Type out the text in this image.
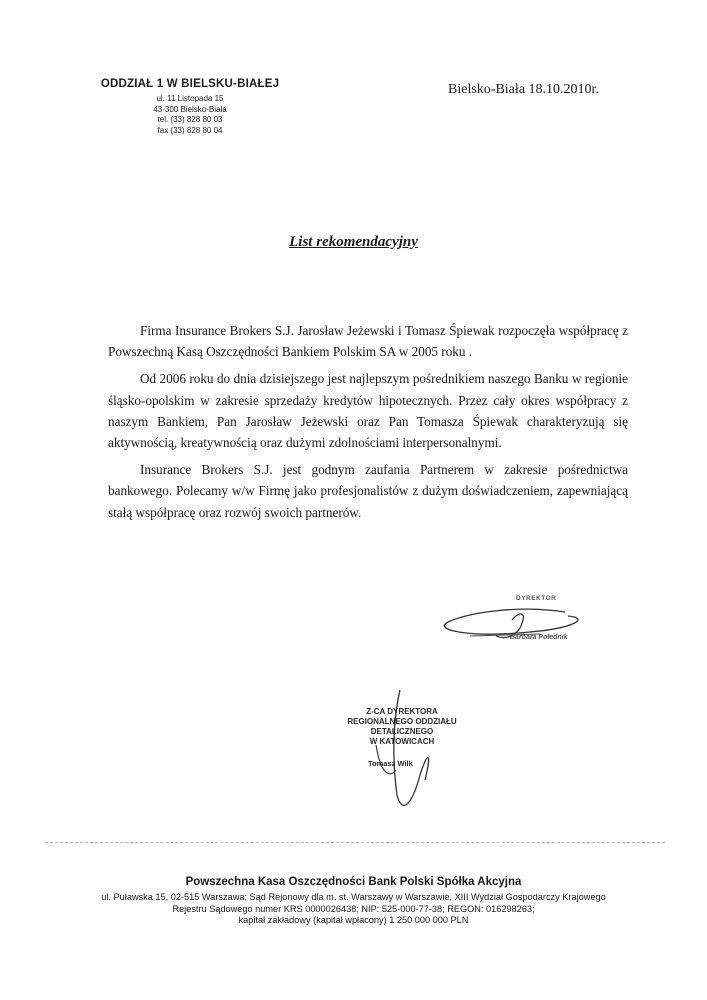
ODDZIAŁ 1 W BIELSKU-BIAŁEJ
ul. 11 Listopada 15
43-300 Bielsko-Biała
tel. (33) 828 80 03
fax (33) 828 80 04
Bielsko-Biała 18.10.2010r.
List rekomendacyjny

Firma Insurance Brokers S.J. Jarosław Jeżewski i Tomasz Śpiewak rozpoczęła współpracę z Powszechną Kasą Oszczędności Bankiem Polskim SA w 2005 roku .

Od 2006 roku do dnia dzisiejszego jest najlepszym pośrednikiem naszego Banku w regionie śląsko-opolskim w zakresie sprzedaży kredytów hipotecznych. Przez cały okres współpracy z naszym Bankiem, Pan Jarosław Jeżewski oraz Pan Tomasza Śpiewak charakteryzują się aktywnością, kreatywnością oraz dużymi zdolnościami interpersonalnymi.

Insurance Brokers S.J. jest godnym zaufania Partnerem w zakresie pośrednictwa bankowego. Polecamy w/w Firmę jako profesjonalistów z dużym doświadczeniem, zapewniającą stałą współpracę oraz rozwój swoich partnerów.

DYREKTOR
Barbara Połednik
Z-CA DYREKTORA
REGIONALNEGO ODDZIAŁU DETALICZNEGO
W KATOWICACH
Tomasz Wilk
Powszechna Kasa Oszczędności Bank Polski Spółka Akcyjna
ul. Puławska 15, 02-515 Warszawa; Sąd Rejonowy dla m. st. Warszawy w Warszawie, XIII Wydział Gospodarczy Krajowego
Rejestru Sądowego numer KRS 0000026438; NIP: 525-000-77-38; REGON: 016298263;
kapitał zakładowy (kapitał wpłacony) 1 250 000 000 PLN
